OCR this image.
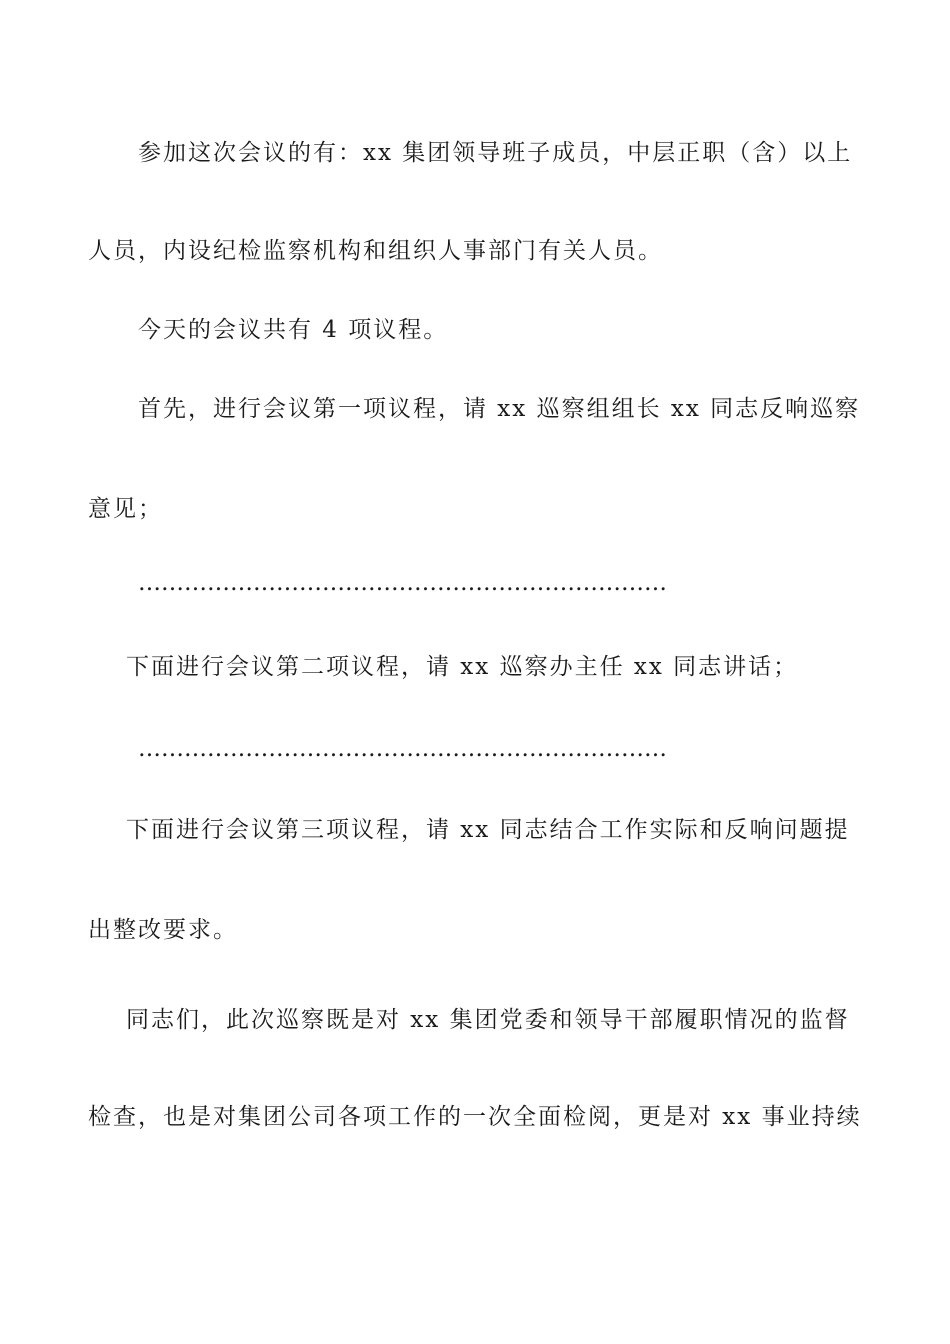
参加这次会议的有：xx 集团领导班子成员，中层正职（含）以上
人员，内设纪检监察机构和组织人事部门有关人员。
今天的会议共有 4 项议程。
首先，进行会议第一项议程，请 xx 巡察组组长 xx 同志反响巡察
意见；
……………………………………………………………
下面进行会议第二项议程，请 xx 巡察办主任 xx 同志讲话；
……………………………………………………………
下面进行会议第三项议程，请 xx 同志结合工作实际和反响问题提
出整改要求。
同志们，此次巡察既是对 xx 集团党委和领导干部履职情况的监督
检查，也是对集团公司各项工作的一次全面检阅，更是对 xx 事业持续
